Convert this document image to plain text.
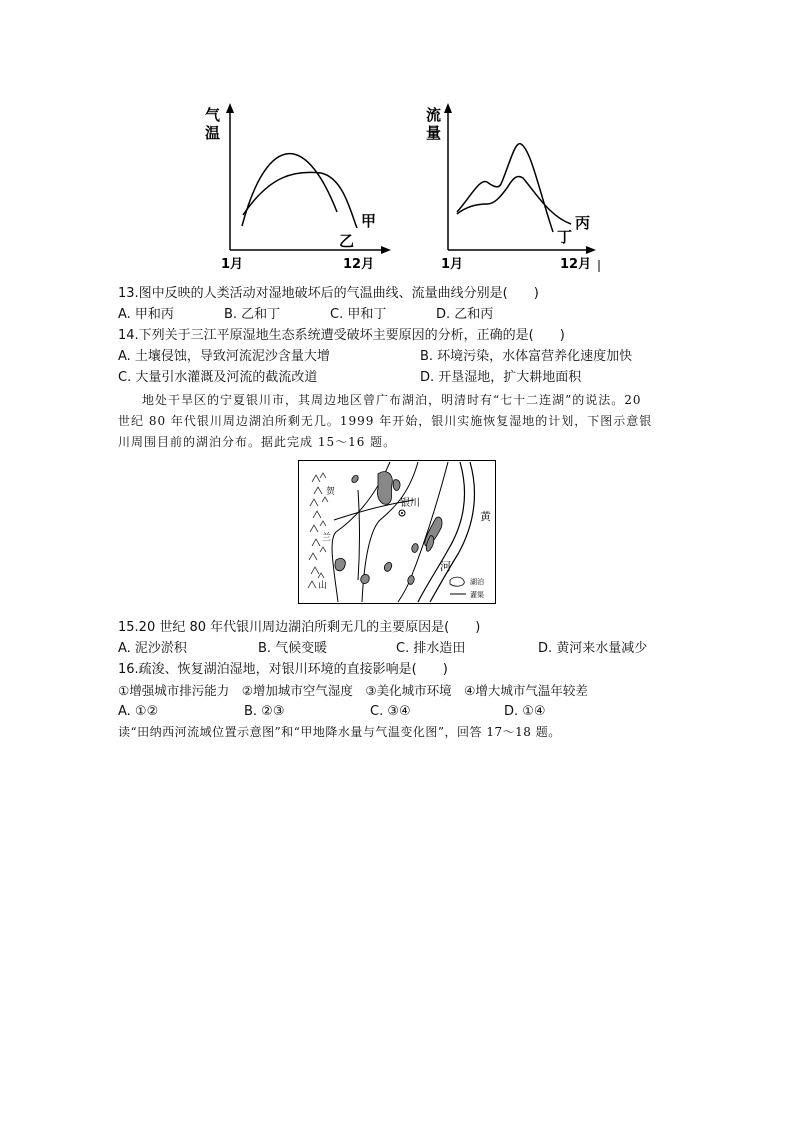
气
温
甲
乙
1月	12月
流
量
丙
丁
1月	12月
13.图中反映的人类活动对湿地破坏后的气温曲线、流量曲线分别是(　　)
A. 甲和丙	B. 乙和丁	C. 甲和丁	D. 乙和丙
14.下列关于三江平原湿地生态系统遭受破坏主要原因的分析，正确的是(　　)
A. 土壤侵蚀，导致河流泥沙含量大增	B. 环境污染，水体富营养化速度加快
C. 大量引水灌溉及河流的截流改道	D. 开垦湿地，扩大耕地面积
地处干旱区的宁夏银川市，其周边地区曾广布湖泊，明清时有“七十二连湖”的说法。20
世纪 80 年代银川周边湖泊所剩无几。1999 年开始，银川实施恢复湿地的计划，下图示意银
川周围目前的湖泊分布。据此完成 15～16 题。
银川
贺
兰
山
黄
河
湖泊
灌渠
15.20 世纪 80 年代银川周边湖泊所剩无几的主要原因是(　　)
A. 泥沙淤积	B. 气候变暖	C. 排水造田	D. 黄河来水量减少
16.疏浚、恢复湖泊湿地，对银川环境的直接影响是(　　)
①增强城市排污能力　②增加城市空气湿度　③美化城市环境　④增大城市气温年较差
A. ①②	B. ②③	C. ③④	D. ①④
读“田纳西河流域位置示意图”和“甲地降水量与气温变化图”，回答 17～18 题。
